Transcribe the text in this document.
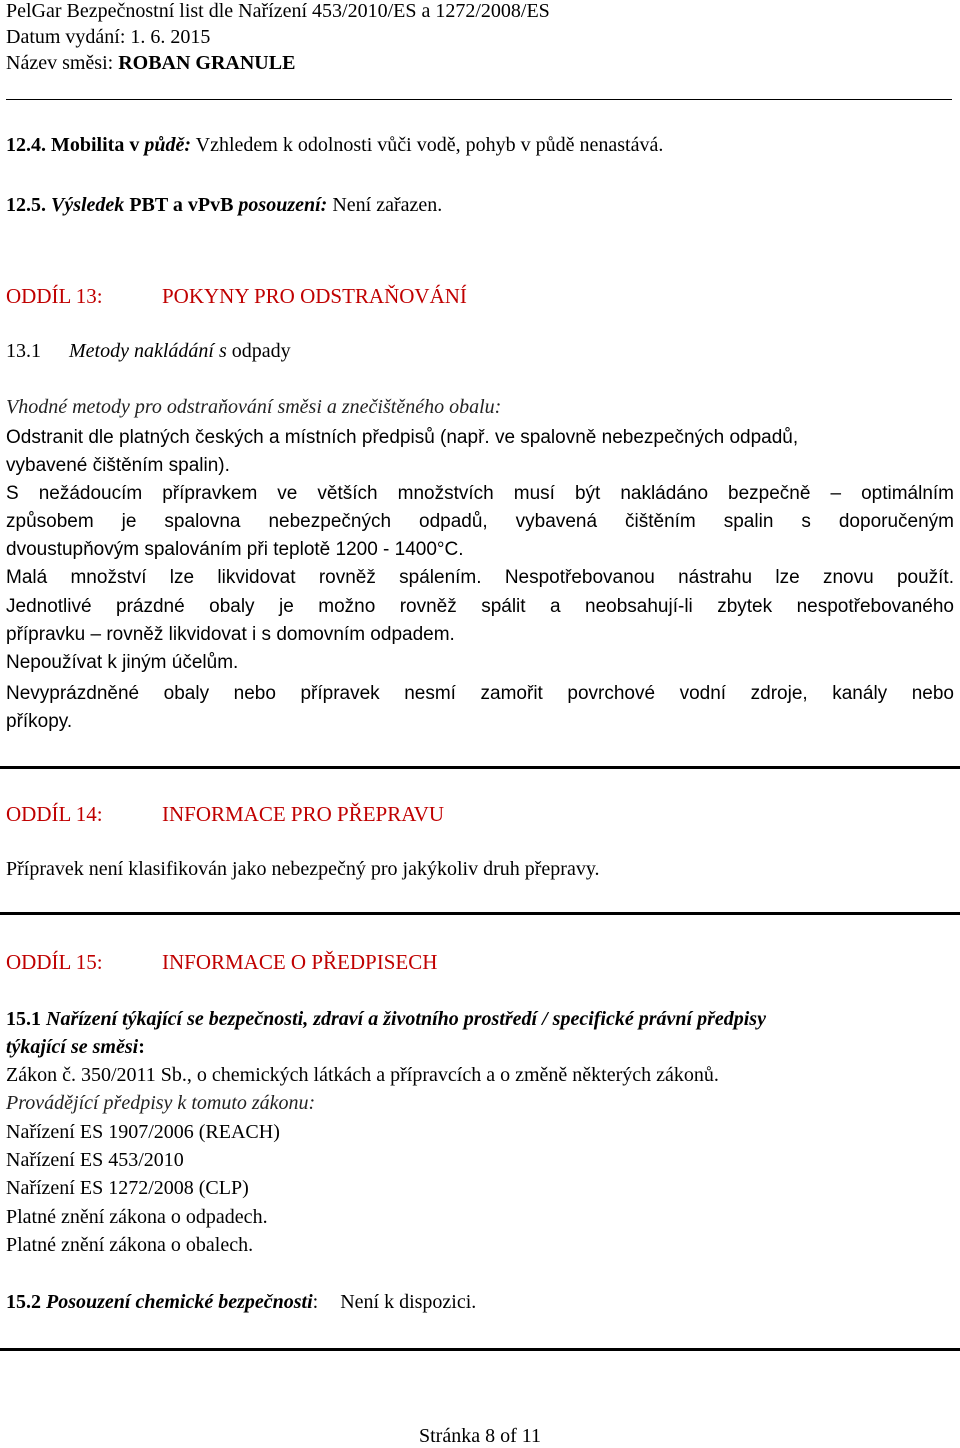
PelGar Bezpečnostní list dle Nařízení 453/2010/ES a 1272/2008/ES
Datum vydání: 1. 6. 2015
Název směsi: ROBAN GRANULE
12.4. Mobilita v půdě: Vzhledem k odolnosti vůči vodě, pohyb v půdě nenastává.
12.5. Výsledek PBT a vPvB posouzení: Není zařazen.
ODDÍL 13:	POKYNY PRO ODSTRAŇOVÁNÍ
13.1 Metody nakládání s odpady
Vhodné metody pro odstraňování směsi a znečištěného obalu:
Odstranit dle platných českých a místních předpisů (např. ve spalovně nebezpečných odpadů,
vybavené čištěním spalin).
S nežádoucím přípravkem ve větších množstvích musí být nakládáno bezpečně – optimálním
způsobem je spalovna nebezpečných odpadů, vybavená čištěním spalin s doporučeným
dvoustupňovým spalováním při teplotě 1200 - 1400°C.
Malá množství lze likvidovat rovněž spálením. Nespotřebovanou nástrahu lze znovu použít.
Jednotlivé prázdné obaly je možno rovněž spálit a neobsahují-li zbytek nespotřebovaného
přípravku – rovněž likvidovat i s domovním odpadem.
Nepoužívat k jiným účelům.
Nevyprázdněné obaly nebo přípravek nesmí zamořit povrchové vodní zdroje, kanály nebo
příkopy.
ODDÍL 14:	INFORMACE PRO PŘEPRAVU
Přípravek není klasifikován jako nebezpečný pro jakýkoliv druh přepravy.
ODDÍL 15:	INFORMACE O PŘEDPISECH
15.1 Nařízení týkající se bezpečnosti, zdraví a životního prostředí / specifické právní předpisy
týkající se směsi:
Zákon č. 350/2011 Sb., o chemických látkách a přípravcích a o změně některých zákonů.
Provádějící předpisy k tomuto zákonu:
Nařízení ES 1907/2006 (REACH)
Nařízení ES 453/2010
Nařízení ES 1272/2008 (CLP)
Platné znění zákona o odpadech.
Platné znění zákona o obalech.
15.2 Posouzení chemické bezpečnosti: Není k dispozici.
Stránka 8 of 11
